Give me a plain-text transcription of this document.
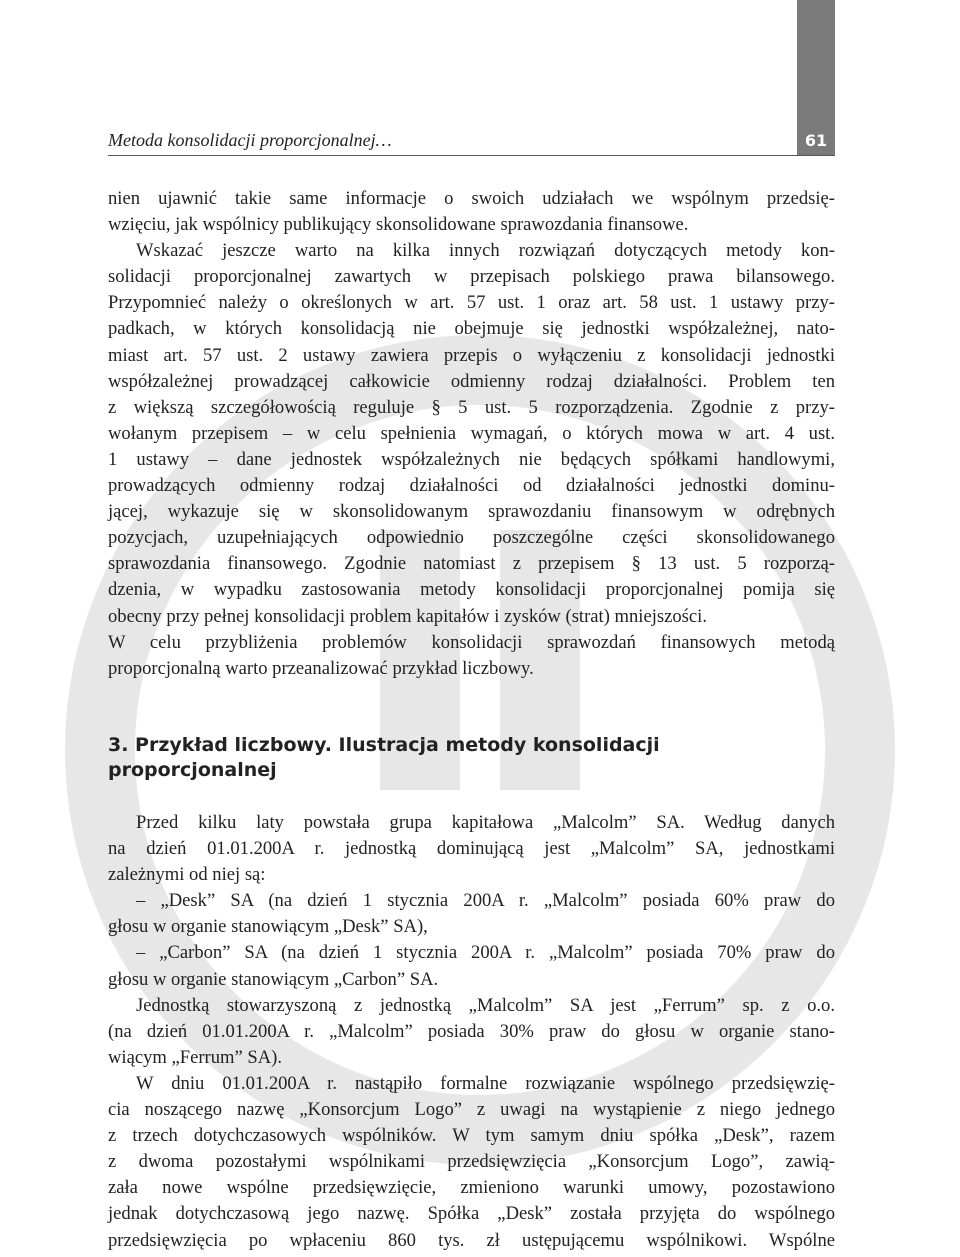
61
Metoda konsolidacji proporcjonalnej…

nien ujawnić takie same informacje o swoich udziałach we wspólnym przedsię-

wzięciu, jak wspólnicy publikujący skonsolidowane sprawozdania finansowe.

Wskazać jeszcze warto na kilka innych rozwiązań dotyczących metody kon-

solidacji proporcjonalnej zawartych w przepisach polskiego prawa bilansowego.

Przypomnieć należy o określonych w art. 57 ust. 1 oraz art. 58 ust. 1 ustawy przy-

padkach, w których konsolidacją nie obejmuje się jednostki współzależnej, nato-

miast art. 57 ust. 2 ustawy zawiera przepis o wyłączeniu z konsolidacji jednostki

współzależnej prowadzącej całkowicie odmienny rodzaj działalności. Problem ten

z większą szczegółowością reguluje § 5 ust. 5 rozporządzenia. Zgodnie z przy-

wołanym przepisem – w celu spełnienia wymagań, o których mowa w art. 4 ust.

1 ustawy – dane jednostek współzależnych nie będących spółkami handlowymi,

prowadzących odmienny rodzaj działalności od działalności jednostki dominu-

jącej, wykazuje się w skonsolidowanym sprawozdaniu finansowym w odrębnych

pozycjach, uzupełniających odpowiednio poszczególne części skonsolidowanego

sprawozdania finansowego. Zgodnie natomiast z przepisem § 13 ust. 5 rozporzą-

dzenia, w wypadku zastosowania metody konsolidacji proporcjonalnej pomija się

obecny przy pełnej konsolidacji problem kapitałów i zysków (strat) mniejszości.

W celu przybliżenia problemów konsolidacji sprawozdań finansowych metodą

proporcjonalną warto przeanalizować przykład liczbowy.

3. Przykład liczbowy. Ilustracja metody konsolidacji
proporcjonalnej

Przed kilku laty powstała grupa kapitałowa „Malcolm” SA. Według danych

na dzień 01.01.200A r. jednostką dominującą jest „Malcolm” SA, jednostkami

zależnymi od niej są:

– „Desk” SA (na dzień 1 stycznia 200A r. „Malcolm” posiada 60% praw do

głosu w organie stanowiącym „Desk” SA),

– „Carbon” SA (na dzień 1 stycznia 200A r. „Malcolm” posiada 70% praw do

głosu w organie stanowiącym „Carbon” SA.

Jednostką stowarzyszoną z jednostką „Malcolm” SA jest „Ferrum” sp. z o.o.

(na dzień 01.01.200A r. „Malcolm” posiada 30% praw do głosu w organie stano-

wiącym „Ferrum” SA).

W dniu 01.01.200A r. nastąpiło formalne rozwiązanie wspólnego przedsięwzię-

cia noszącego nazwę „Konsorcjum Logo” z uwagi na wystąpienie z niego jednego

z trzech dotychczasowych wspólników. W tym samym dniu spółka „Desk”, razem

z dwoma pozostałymi wspólnikami przedsięwzięcia „Konsorcjum Logo”, zawią-

zała nowe wspólne przedsięwzięcie, zmieniono warunki umowy, pozostawiono

jednak dotychczasową jego nazwę. Spółka „Desk” została przyjęta do wspólnego

przedsięwzięcia po wpłaceniu 860 tys. zł ustępującemu wspólnikowi. Wspólne
